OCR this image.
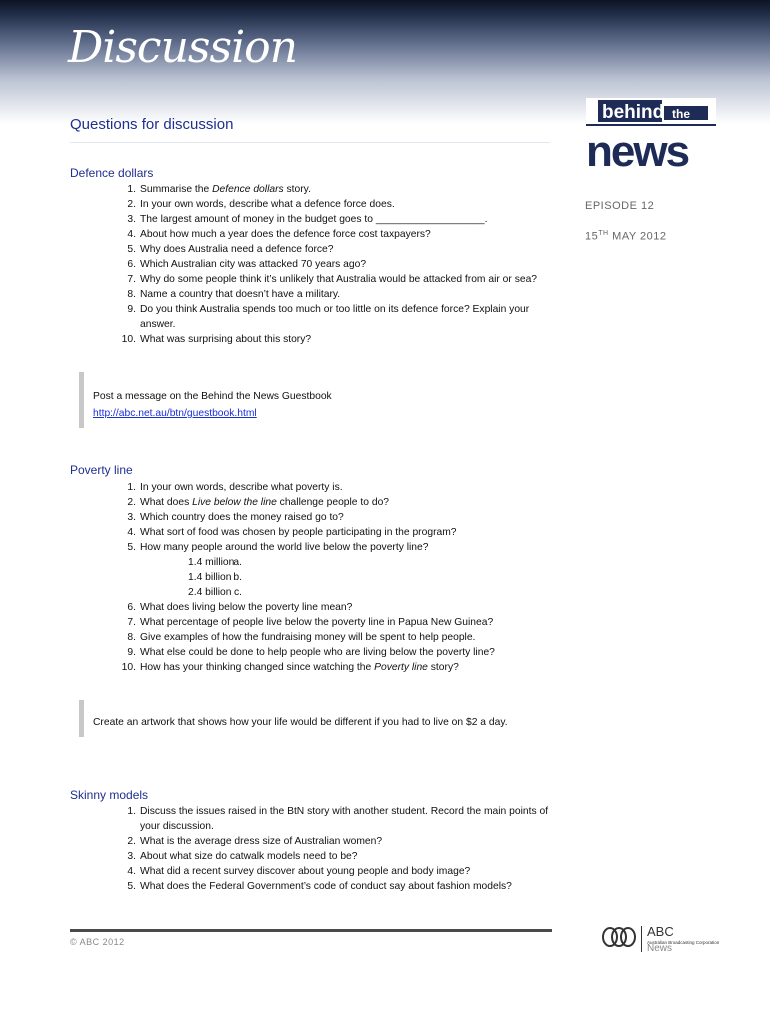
Discussion
Questions for discussion
behind the
news
EPISODE 12
15TH MAY 2012
Defence dollars
1. Summarise the Defence dollars story.
2. In your own words, describe what a defence force does.
3. The largest amount of money in the budget goes to ___________________.
4. About how much a year does the defence force cost taxpayers?
5. Why does Australia need a defence force?
6. Which Australian city was attacked 70 years ago?
7. Why do some people think it’s unlikely that Australia would be attacked from air or sea?
8. Name a country that doesn’t have a military.
9. Do you think Australia spends too much or too little on its defence force? Explain your answer.
10. What was surprising about this story?
Post a message on the Behind the News Guestbook
http://abc.net.au/btn/guestbook.html
Poverty line
1. In your own words, describe what poverty is.
2. What does Live below the line challenge people to do?
3. Which country does the money raised go to?
4. What sort of food was chosen by people participating in the program?
5. How many people around the world live below the poverty line?
a.
1.4 million
b.
1.4 billion
c.
2.4 billion
6. What does living below the poverty line mean?
7. What percentage of people live below the poverty line in Papua New Guinea?
8. Give examples of how the fundraising money will be spent to help people.
9. What else could be done to help people who are living below the poverty line?
10. How has your thinking changed since watching the Poverty line story?
Create an artwork that shows how your life would be different if you had to live on $2 a day.
Skinny models
1. Discuss the issues raised in the BtN story with another student. Record the main points of your discussion.
2. What is the average dress size of Australian women?
3. About what size do catwalk models need to be?
4. What did a recent survey discover about young people and body image?
5. What does the Federal Government’s code of conduct say about fashion models?
© ABC 2012
ABC
Australian Broadcasting Corporation
News
